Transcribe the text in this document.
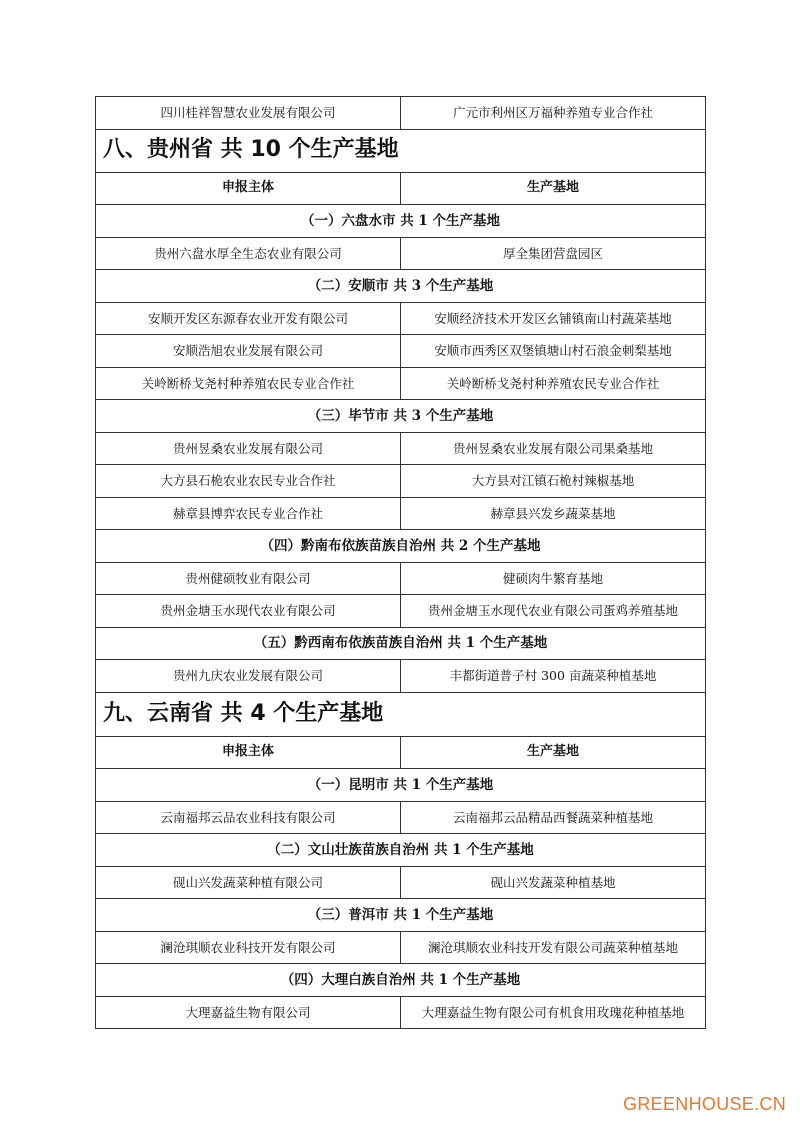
四川桂祥智慧农业发展有限公司	广元市利州区万福种养殖专业合作社
八、贵州省 共 10 个生产基地	
申报主体	生产基地
（一）六盘水市 共 1 个生产基地	
贵州六盘水厚全生态农业有限公司	厚全集团营盘园区
（二）安顺市 共 3 个生产基地	
安顺开发区东源春农业开发有限公司	安顺经济技术开发区幺铺镇南山村蔬菜基地
安顺浩旭农业发展有限公司	安顺市西秀区双堡镇塘山村石浪金刺梨基地
关岭断桥戈尧村种养殖农民专业合作社	关岭断桥戈尧村种养殖农民专业合作社
（三）毕节市 共 3 个生产基地	
贵州昱桑农业发展有限公司	贵州昱桑农业发展有限公司果桑基地
大方县石桅农业农民专业合作社	大方县对江镇石桅村辣椒基地
赫章县博弈农民专业合作社	赫章县兴发乡蔬菜基地
（四）黔南布依族苗族自治州 共 2 个生产基地	
贵州健硕牧业有限公司	健硕肉牛繁育基地
贵州金塘玉水现代农业有限公司	贵州金塘玉水现代农业有限公司蛋鸡养殖基地
（五）黔西南布依族苗族自治州 共 1 个生产基地	
贵州九庆农业发展有限公司	丰都街道普子村 300 亩蔬菜种植基地
九、云南省 共 4 个生产基地	
申报主体	生产基地
（一）昆明市 共 1 个生产基地	
云南福邦云品农业科技有限公司	云南福邦云品精品西餐蔬菜种植基地
（二）文山壮族苗族自治州 共 1 个生产基地	
砚山兴发蔬菜种植有限公司	砚山兴发蔬菜种植基地
（三）普洱市 共 1 个生产基地	
澜沧琪顺农业科技开发有限公司	澜沧琪顺农业科技开发有限公司蔬菜种植基地
（四）大理白族自治州 共 1 个生产基地	
大理嘉益生物有限公司	大理嘉益生物有限公司有机食用玫瑰花种植基地
GREENHOUSE.CN
